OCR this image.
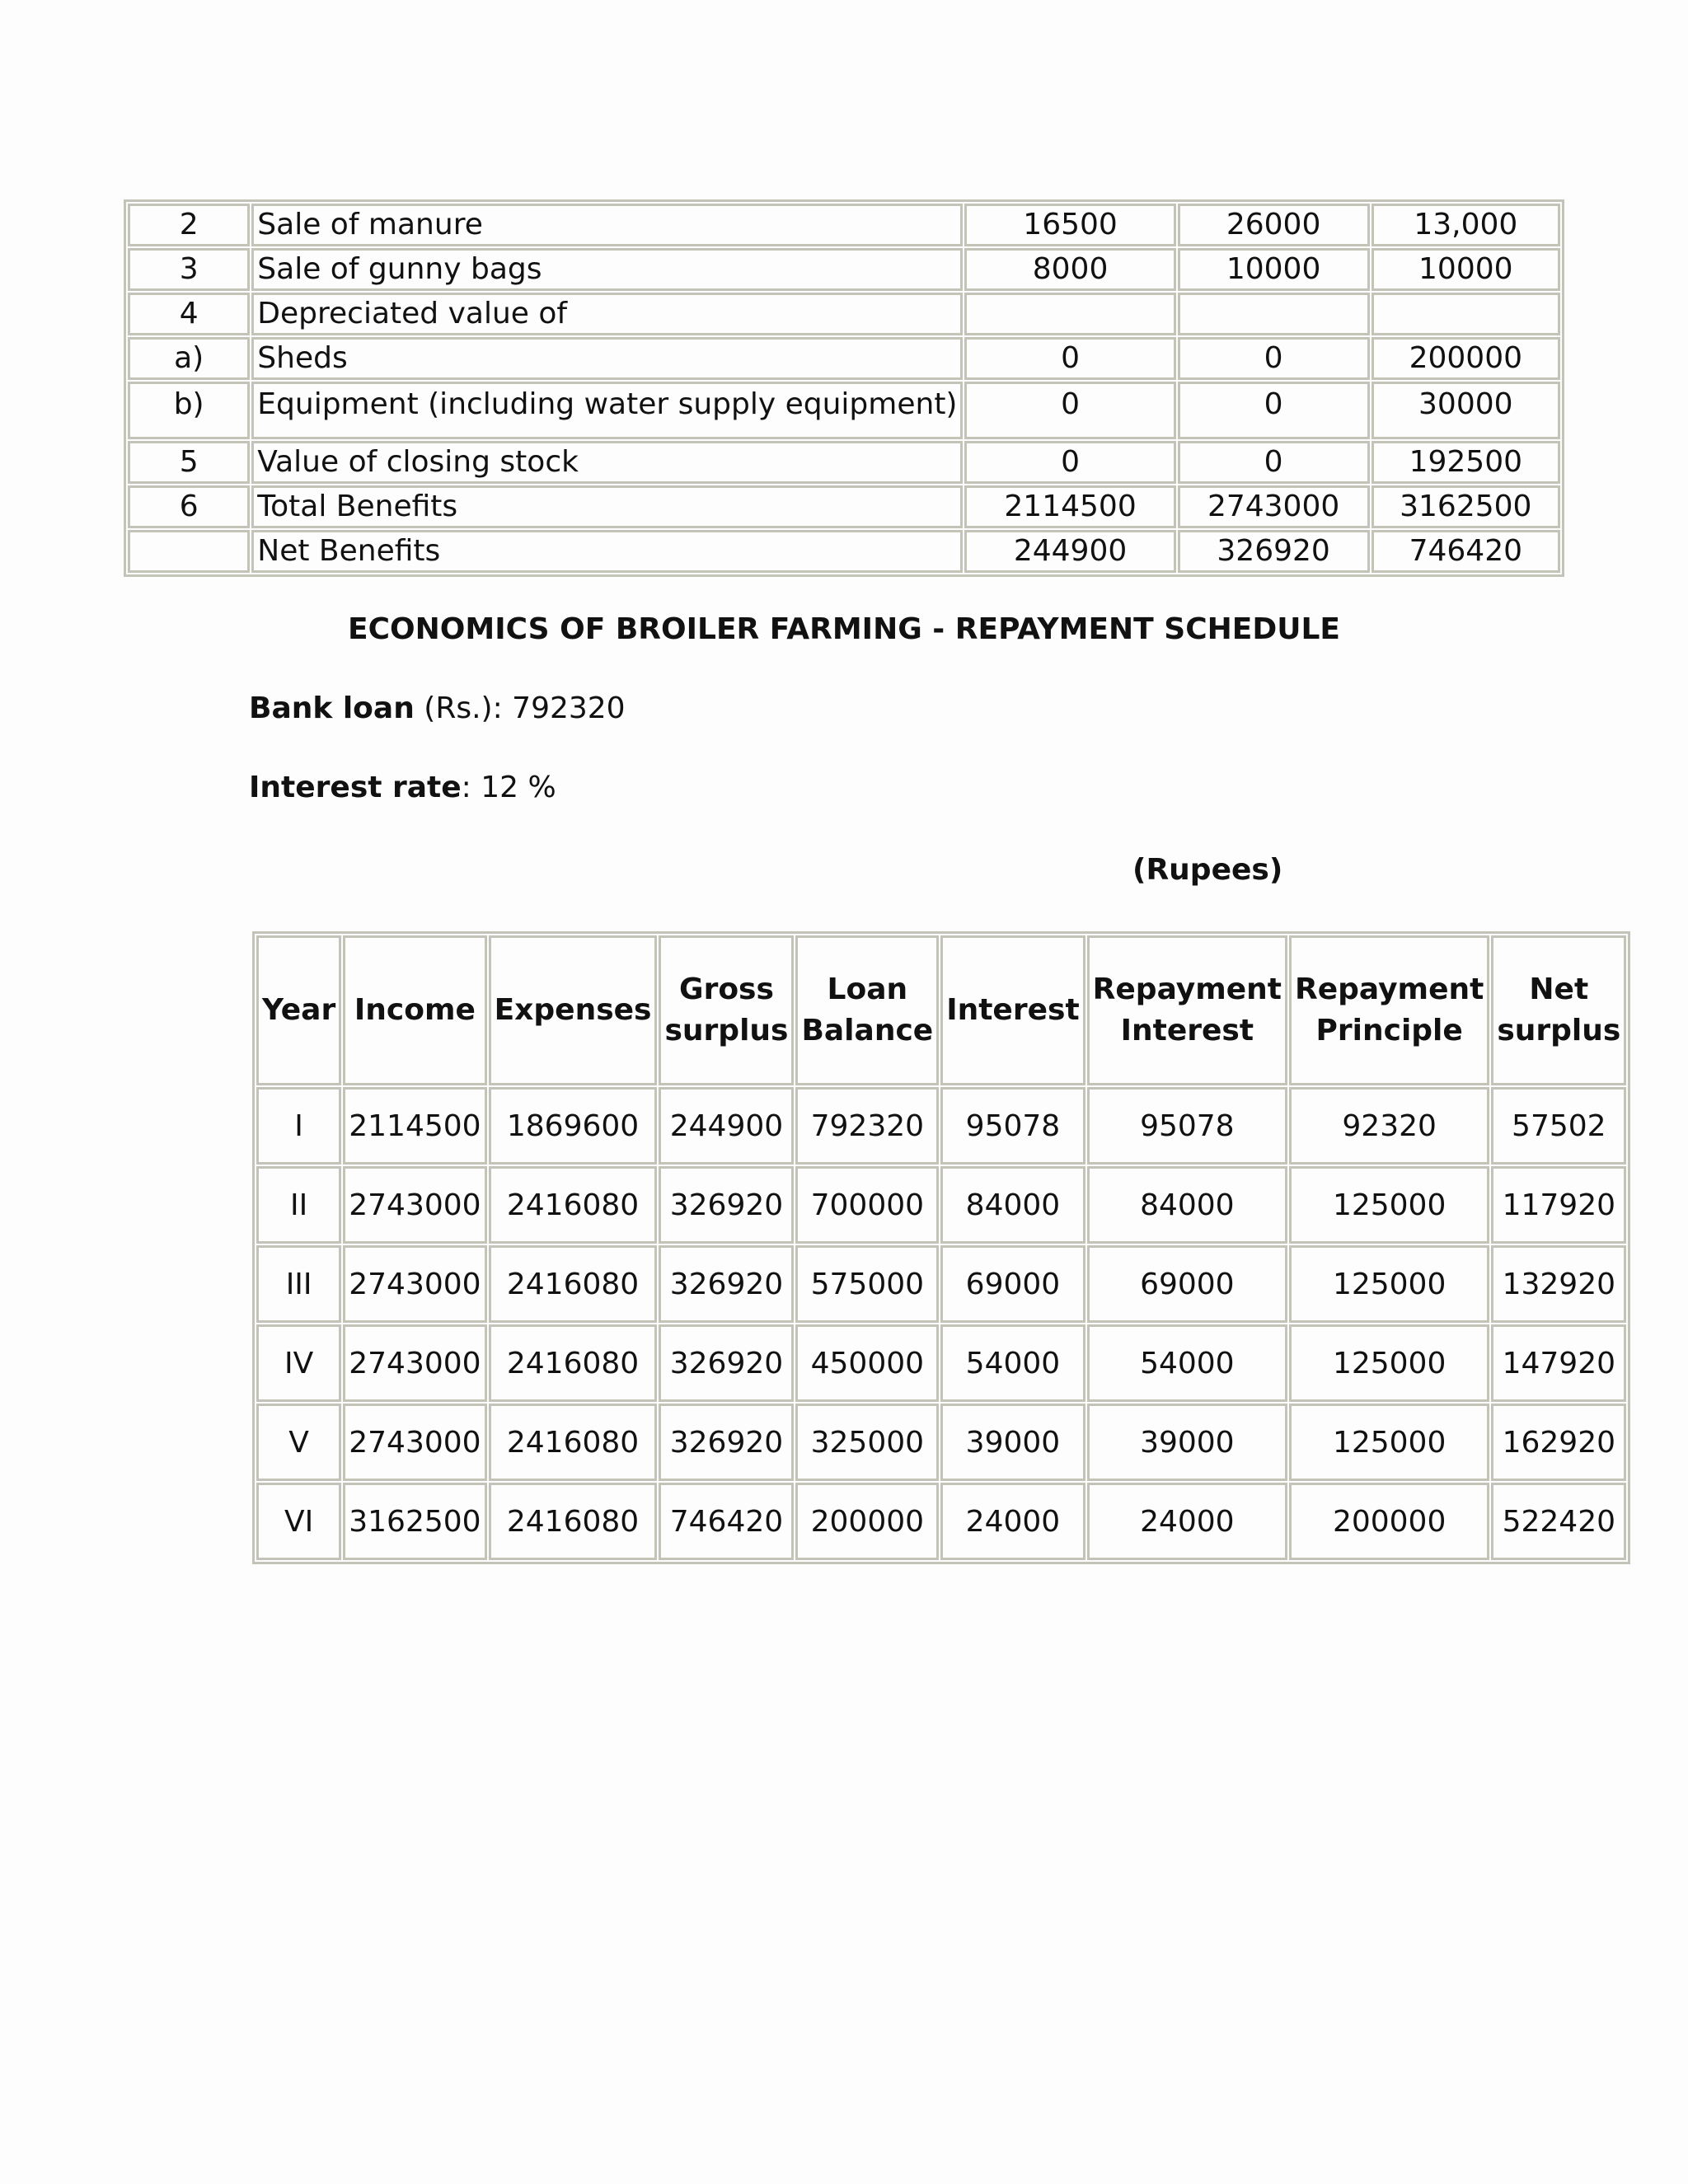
2	Sale of manure	16500	26000	13,000
3	Sale of gunny bags	8000	10000	10000
4	Depreciated value of			
a)	Sheds	0	0	200000
b)	Equipment (including water supply equipment)	0	0	30000
5	Value of closing stock	0	0	192500
6	Total Benefits	2114500	2743000	3162500
	Net Benefits	244900	326920	746420
ECONOMICS OF BROILER FARMING - REPAYMENT SCHEDULE
Bank loan (Rs.): 792320
Interest rate: 12 %
(Rupees)
Year	Income	Expenses	Gross surplus	Loan Balance	Interest	Repayment Interest	Repayment Principle	Net surplus
I	2114500	1869600	244900	792320	95078	95078	92320	57502
II	2743000	2416080	326920	700000	84000	84000	125000	117920
III	2743000	2416080	326920	575000	69000	69000	125000	132920
IV	2743000	2416080	326920	450000	54000	54000	125000	147920
V	2743000	2416080	326920	325000	39000	39000	125000	162920
VI	3162500	2416080	746420	200000	24000	24000	200000	522420
